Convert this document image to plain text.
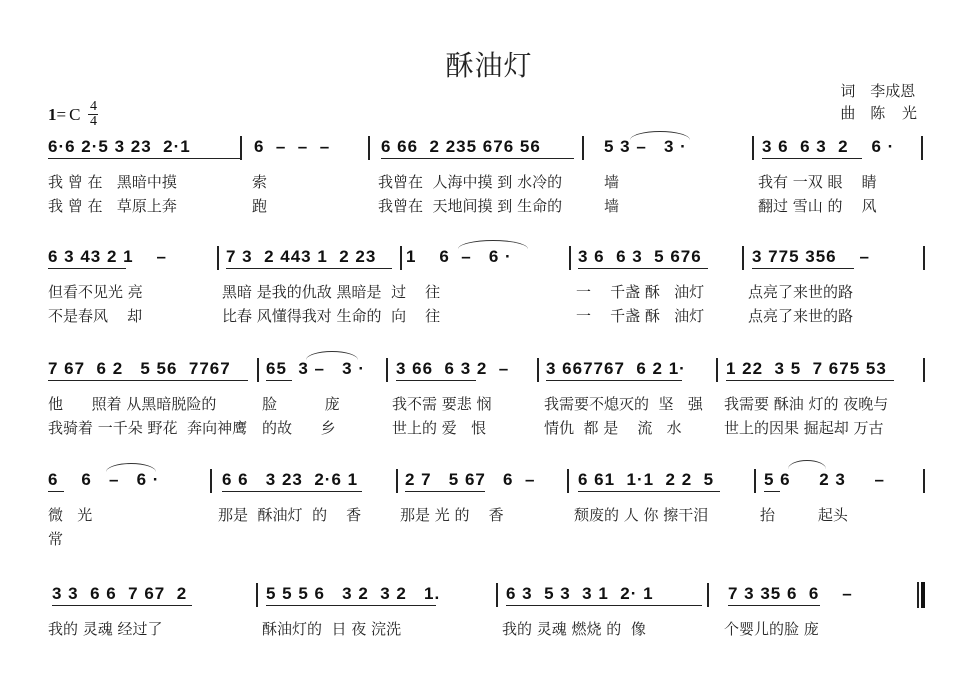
酥油灯
词 李成恩
曲 陈 光
1 = C $\frac{4}{4}$
6·6 2·5 3 23  2·1	6  –  –  –	6 66  2 235 676 56	5 3 –   3 ·	3 6  6 3  2    6 ·
我 曾 在   黑暗中摸	索	我曾在  人海中摸 到 水冷的	墙	我有 一双 眼    睛
我 曾 在   草原上奔	跑	我曾在  天地间摸 到 生命的	墙	翻过 雪山 的    风
6 3 43 2 1    –	7 3  2 443 1  2 23 1    6  –   6 ·	3 6  6 3  5 676	3 775 356    –
但看不见光 亮	黑暗 是我的仇敌 黑暗是  过    往	一    千盏 酥   油灯	点亮了来世的路
不是春风    却	比春 风懂得我对 生命的  向    往	一    千盏 酥   油灯	点亮了来世的路
7 67  6 2   5 56  7767 65  3 –   3 · 3 66  6 3 2  – 3 667767  6 2 1· 1 22  3 5  7 675 53
他      照着 从黑暗脱险的	脸          庞	我不需 要悲 悯	我需要不熄灭的  坚   强 我需要 酥油 灯的 夜晚与
我骑着 一千朵 野花  奔向神鹰 的故      乡	世上的 爱   恨	情仇  都 是    流   水	世上的因果 掘起却 万古
6    6   –   6 ·	6 6   3 23  2·6 1	2 7   5 67   6  –	6 61  1·1  2 2  5	5 6     2 3     –
微   光	那是  酥油灯  的    香	那是 光 的    香	颓废的 人 你 擦干泪	抬         起头
常
3 3  6 6  7 67  2	5 5 5 6   3 2  3 2   1.	6 3  5 3  3 1  2· 1	7 3 35 6  6    –
我的 灵魂 经过了	酥油灯的  日 夜 浣洗	我的 灵魂 燃烧 的  像	个婴儿的脸 庞
